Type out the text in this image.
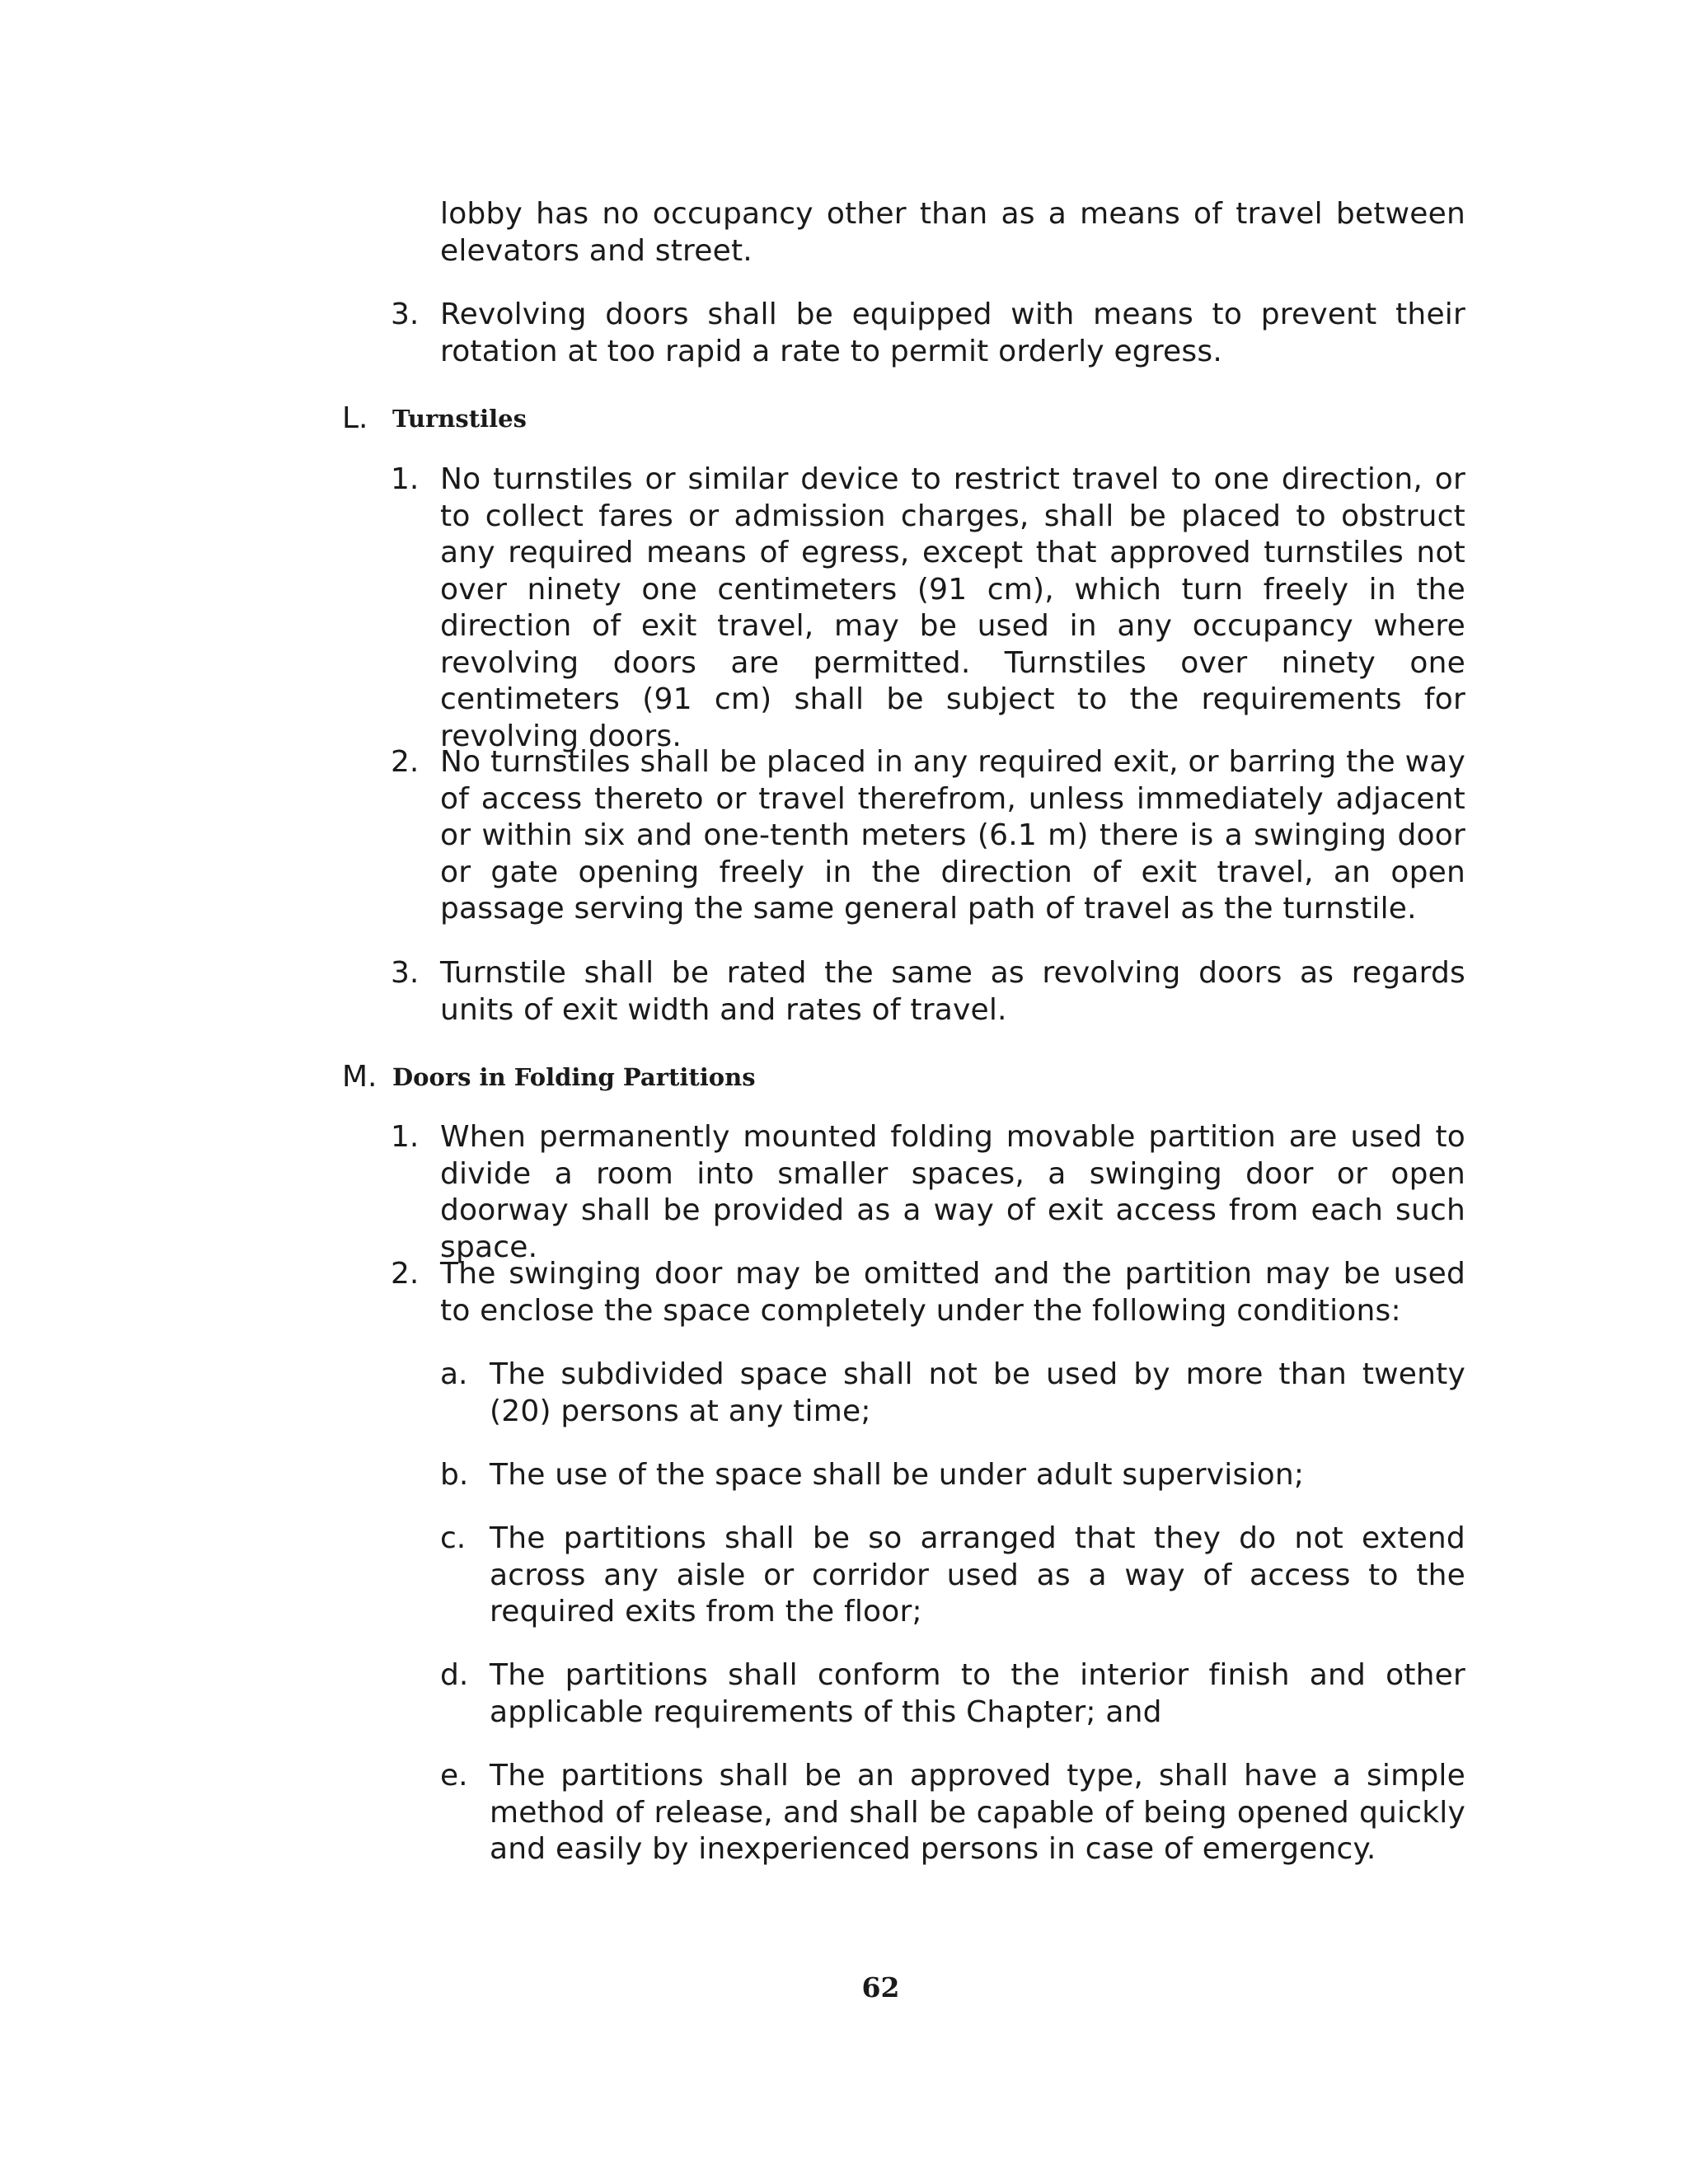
lobby has no occupancy other than as a means of travel between elevators and street.
3. Revolving doors shall be equipped with means to prevent their rotation at too rapid a rate to permit orderly egress.
L. Turnstiles
1. No turnstiles or similar device to restrict travel to one direction, or to collect fares or admission charges, shall be placed to obstruct any required means of egress, except that approved turnstiles not over ninety one centimeters (91 cm), which turn freely in the direction of exit travel, may be used in any occupancy where revolving doors are permitted. Turnstiles over ninety one centimeters (91 cm) shall be subject to the requirements for revolving doors.
2. No turnstiles shall be placed in any required exit, or barring the way of access thereto or travel therefrom, unless immediately adjacent or within six and one-tenth meters (6.1 m) there is a swinging door or gate opening freely in the direction of exit travel, an open passage serving the same general path of travel as the turnstile.
3. Turnstile shall be rated the same as revolving doors as regards units of exit width and rates of travel.
M. Doors in Folding Partitions
1. When permanently mounted folding movable partition are used to divide a room into smaller spaces, a swinging door or open doorway shall be provided as a way of exit access from each such space.
2. The swinging door may be omitted and the partition may be used to enclose the space completely under the following conditions:
a. The subdivided space shall not be used by more than twenty (20) persons at any time;
b. The use of the space shall be under adult supervision;
c. The partitions shall be so arranged that they do not extend across any aisle or corridor used as a way of access to the required exits from the floor;
d. The partitions shall conform to the interior finish and other applicable requirements of this Chapter; and
e. The partitions shall be an approved type, shall have a simple method of release, and shall be capable of being opened quickly and easily by inexperienced persons in case of emergency.
62
